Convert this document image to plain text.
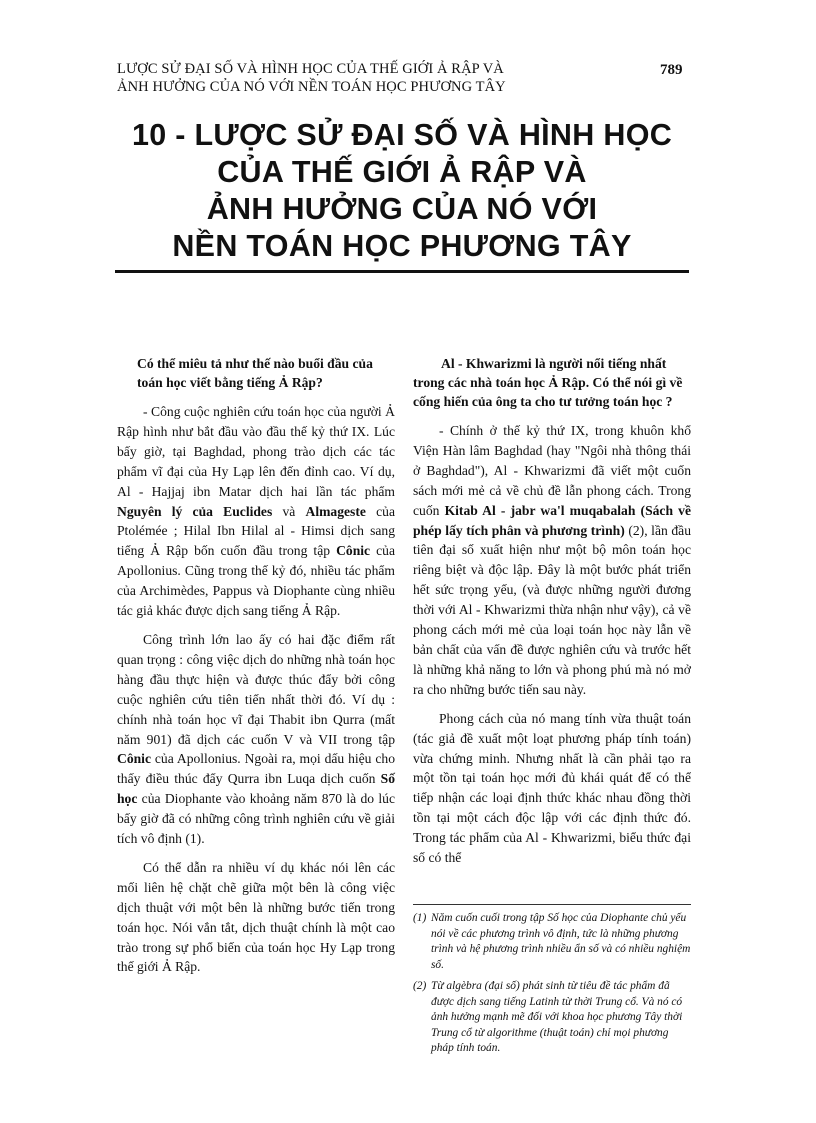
LƯỢC SỬ ĐẠI SỐ VÀ HÌNH HỌC CỦA THẾ GIỚI Ả RẬP VÀ
ẢNH HƯỞNG CỦA NÓ VỚI NỀN TOÁN HỌC PHƯƠNG TÂY
789
10 - LƯỢC SỬ ĐẠI SỐ VÀ HÌNH HỌC
CỦA THẾ GIỚI Ả RẬP VÀ
ẢNH HƯỞNG CỦA NÓ VỚI
NỀN TOÁN HỌC PHƯƠNG TÂY
Có thể miêu tả như thế nào buổi đầu của toán học viết bằng tiếng Ả Rập?

- Công cuộc nghiên cứu toán học của người Ả Rập hình như bắt đầu vào đầu thế kỷ thứ IX. Lúc bấy giờ, tại Baghdad, phong trào dịch các tác phẩm vĩ đại của Hy Lạp lên đến đỉnh cao. Ví dụ, Al - Hajjaj ibn Matar dịch hai lần tác phẩm Nguyên lý của Euclides và Almageste của Ptolémée ; Hilal Ibn Hilal al - Himsi dịch sang tiếng Ả Rập bốn cuốn đầu trong tập Cônic của Apollonius. Cũng trong thế kỷ đó, nhiều tác phẩm của Archimèdes, Pappus và Diophante cùng nhiều tác giả khác được dịch sang tiếng Ả Rập.

Công trình lớn lao ấy có hai đặc điểm rất quan trọng : công việc dịch do những nhà toán học hàng đầu thực hiện và được thúc đẩy bởi công cuộc nghiên cứu tiên tiến nhất thời đó. Ví dụ : chính nhà toán học vĩ đại Thabit ibn Qurra (mất năm 901) đã dịch các cuốn V và VII trong tập Cônic của Apollonius. Ngoài ra, mọi dấu hiệu cho thấy điều thúc đẩy Qurra ibn Luqa dịch cuốn Số học của Diophante vào khoảng năm 870 là do lúc bấy giờ đã có những công trình nghiên cứu về giải tích vô định (1).

Có thể dẫn ra nhiều ví dụ khác nói lên các mối liên hệ chặt chẽ giữa một bên là công việc dịch thuật với một bên là những bước tiến trong toán học. Nói vắn tắt, dịch thuật chính là một cao trào trong sự phổ biến của toán học Hy Lạp trong thế giới Ả Rập.

Al - Khwarizmi là người nổi tiếng nhất trong các nhà toán học Ả Rập. Có thể nói gì về cống hiến của ông ta cho tư tưởng toán học ?

- Chính ở thế kỷ thứ IX, trong khuôn khổ Viện Hàn lâm Baghdad (hay "Ngôi nhà thông thái ở Baghdad"), Al - Khwarizmi đã viết một cuốn sách mới mẻ cả về chủ đề lẫn phong cách. Trong cuốn Kitab Al - jabr wa'l muqabalah (Sách về phép lấy tích phân và phương trình) (2), lần đầu tiên đại số xuất hiện như một bộ môn toán học riêng biệt và độc lập. Đây là một bước phát triển hết sức trọng yếu, (và được những người đương thời với Al - Khwarizmi thừa nhận như vậy), cả về phong cách mới mẻ của loại toán học này lẫn về bản chất của vấn đề được nghiên cứu và trước hết là những khả năng to lớn và phong phú mà nó mở ra cho những bước tiến sau này.

Phong cách của nó mang tính vừa thuật toán (tác giả đề xuất một loạt phương pháp tính toán) vừa chứng minh. Nhưng nhất là cần phải tạo ra một tồn tại toán học mới đủ khái quát để có thể tiếp nhận các loại định thức khác nhau đồng thời tồn tại một cách độc lập với các định thức đó. Trong tác phẩm của Al - Khwarizmi, biểu thức đại số có thể

(1) Năm cuốn cuối trong tập Số học của Diophante chủ yếu nói về các phương trình vô định, tức là những phương trình và hệ phương trình nhiều ẩn số và có nhiều nghiệm số.
(2) Từ algèbra (đại số) phát sinh từ tiêu đề tác phẩm đã được dịch sang tiếng Latinh từ thời Trung cổ. Và nó có ảnh hưởng mạnh mẽ đối với khoa học phương Tây thời Trung cổ từ algorithme (thuật toán) chỉ mọi phương pháp tính toán.
